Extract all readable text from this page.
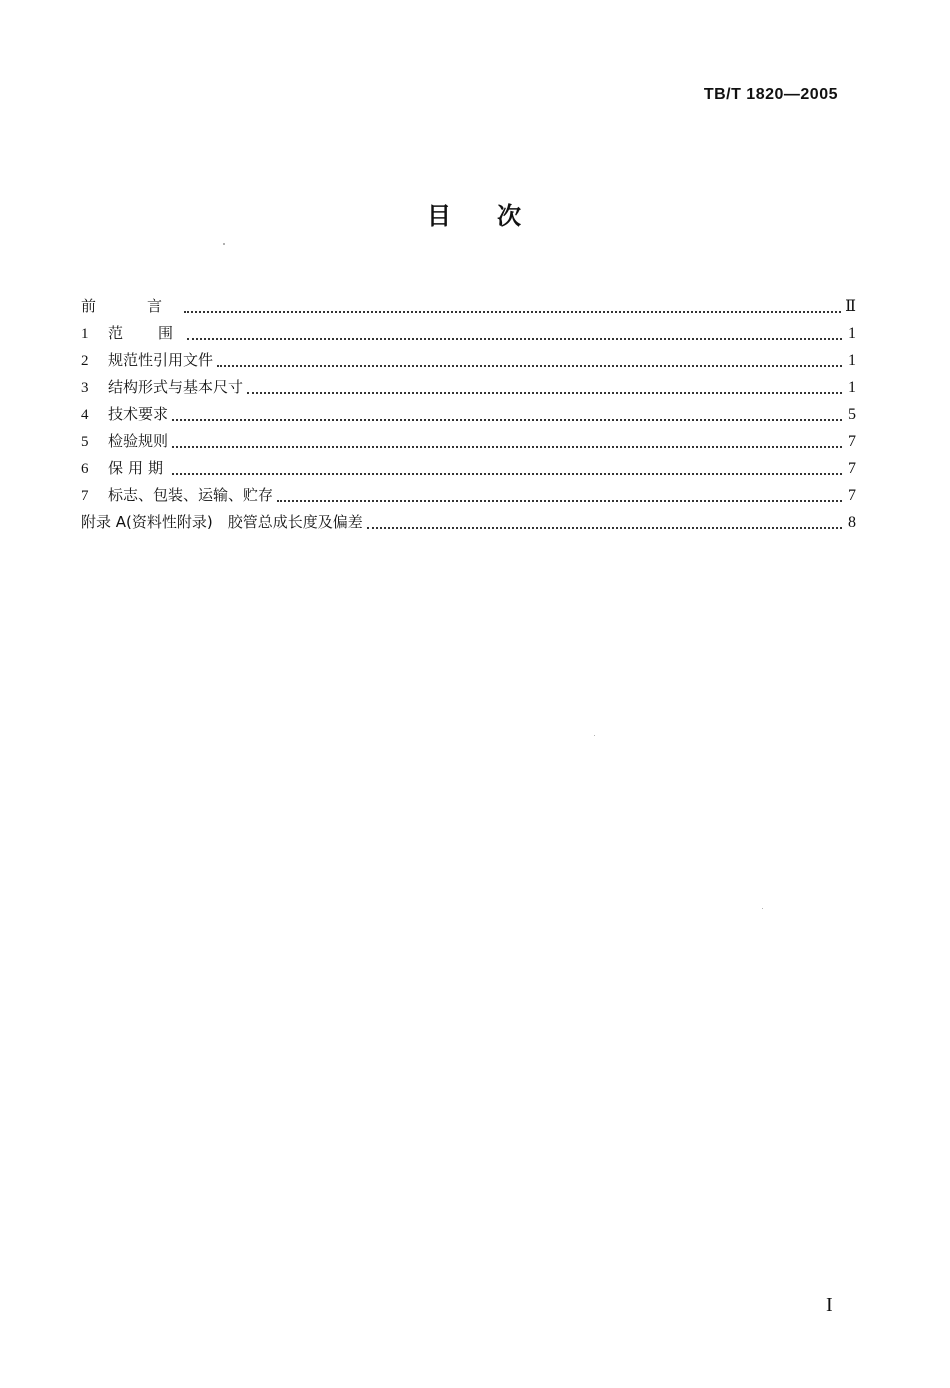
TB/T 1820—2005
目 次
前　言	Ⅱ
1	范　围	1
2	规范性引用文件	1
3	结构形式与基本尺寸	1
4	技术要求	5
5	检验规则	7
6	保用期	7
7	标志、包装、运输、贮存	7
附录 A(资料性附录)　胶管总成长度及偏差	8
I
